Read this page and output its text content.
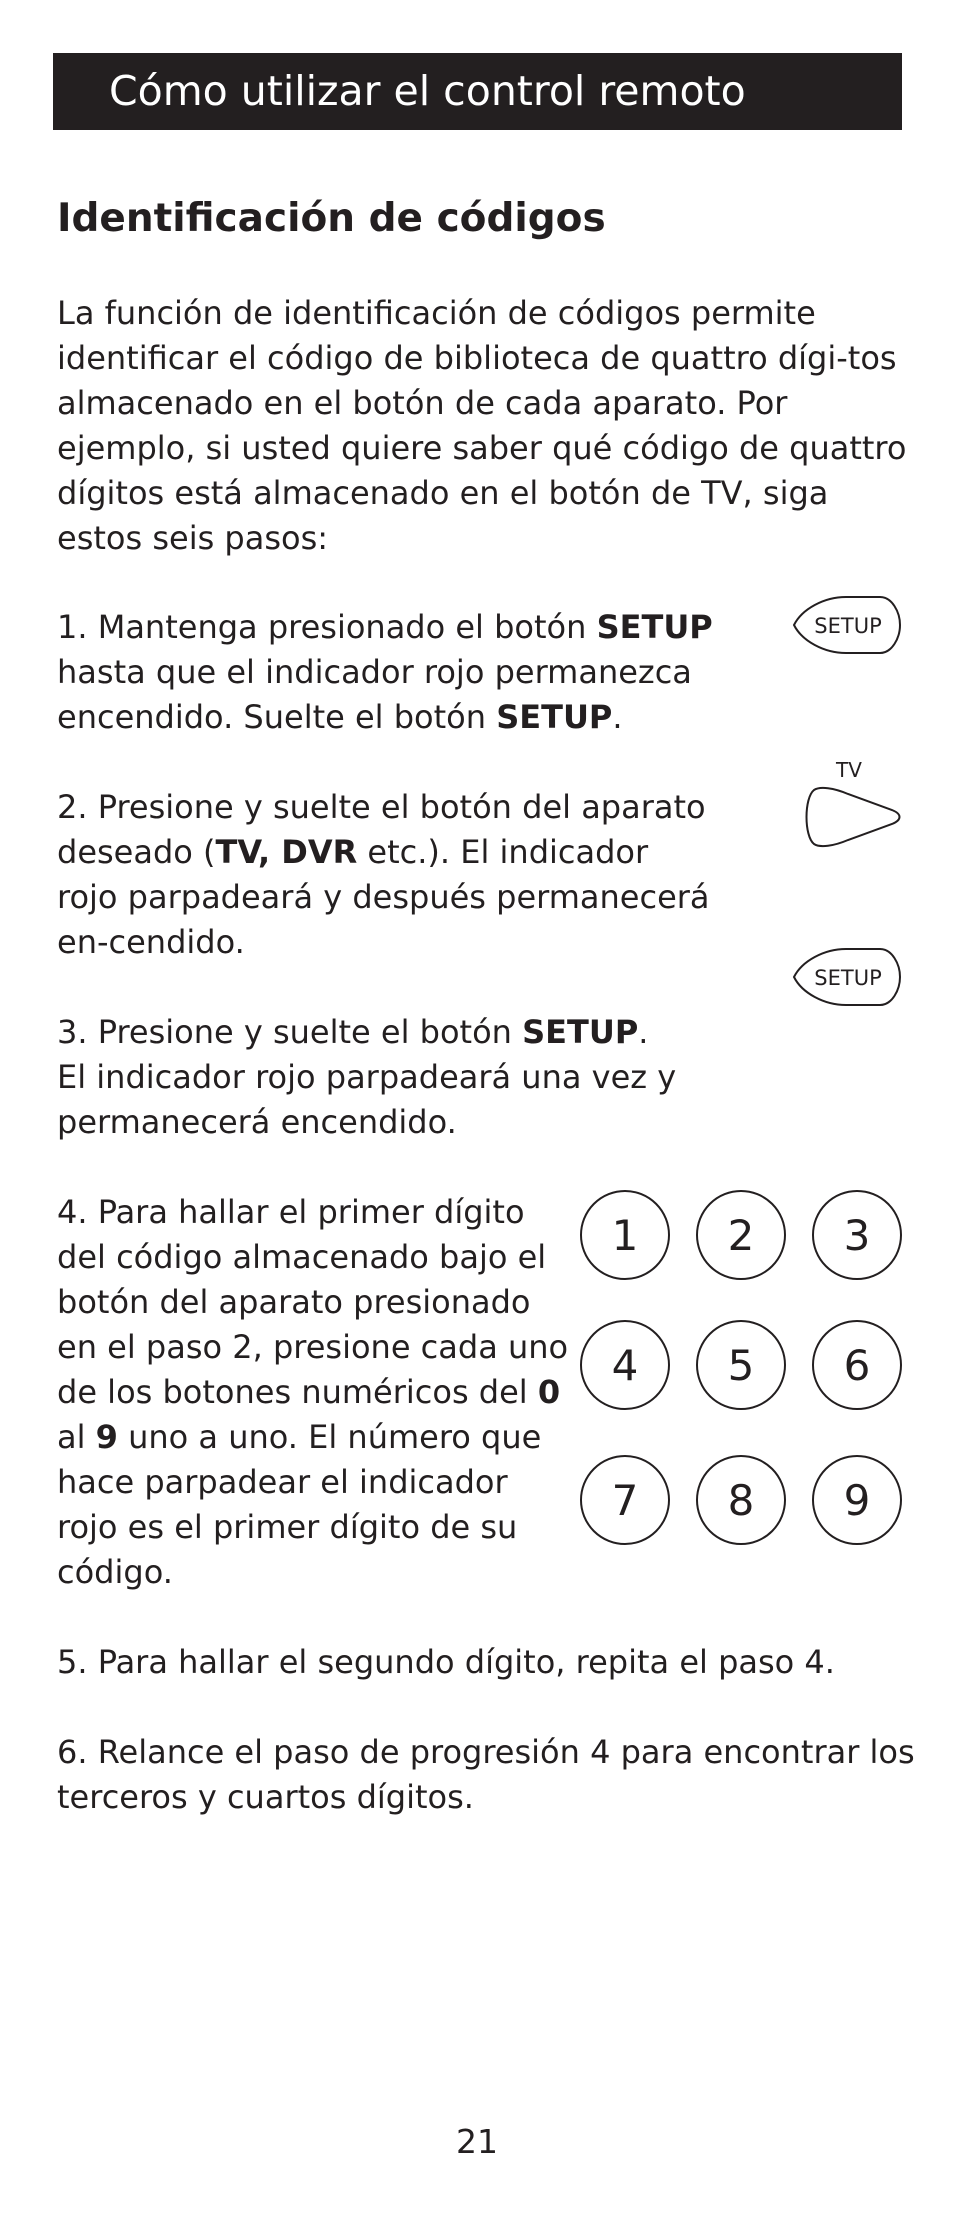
Cómo utilizar el control remoto
Identificación de códigos

La función de identificación de códigos permite identificar el código de biblioteca de quattro dígi-tos almacenado en el botón de cada aparato. Por ejemplo, si usted quiere saber qué código de quattro dígitos está almacenado en el botón de TV, siga estos seis pasos:

1. Mantenga presionado el botón SETUP hasta que el indicador rojo permanezca encendido. Suelte el botón SETUP.

2. Presione y suelte el botón del aparato deseado (TV, DVR etc.). El indicador rojo parpadeará y después permanecerá en-cendido.

3. Presione y suelte el botón SETUP. El indicador rojo parpadeará una vez y permanecerá encendido.

4. Para hallar el primer dígito del código almacenado bajo el botón del aparato presionado en el paso 2, presione cada uno de los botones numéricos del 0 al 9 uno a uno. El número que hace parpadear el indicador rojo es el primer dígito de su código.

5. Para hallar el segundo dígito, repita el paso 4.

6. Relance el paso de progresión 4 para encontrar los terceros y cuartos dígitos.

SETUP
TV
SETUP
1	2	3
4	5	6
7	8	9
21
